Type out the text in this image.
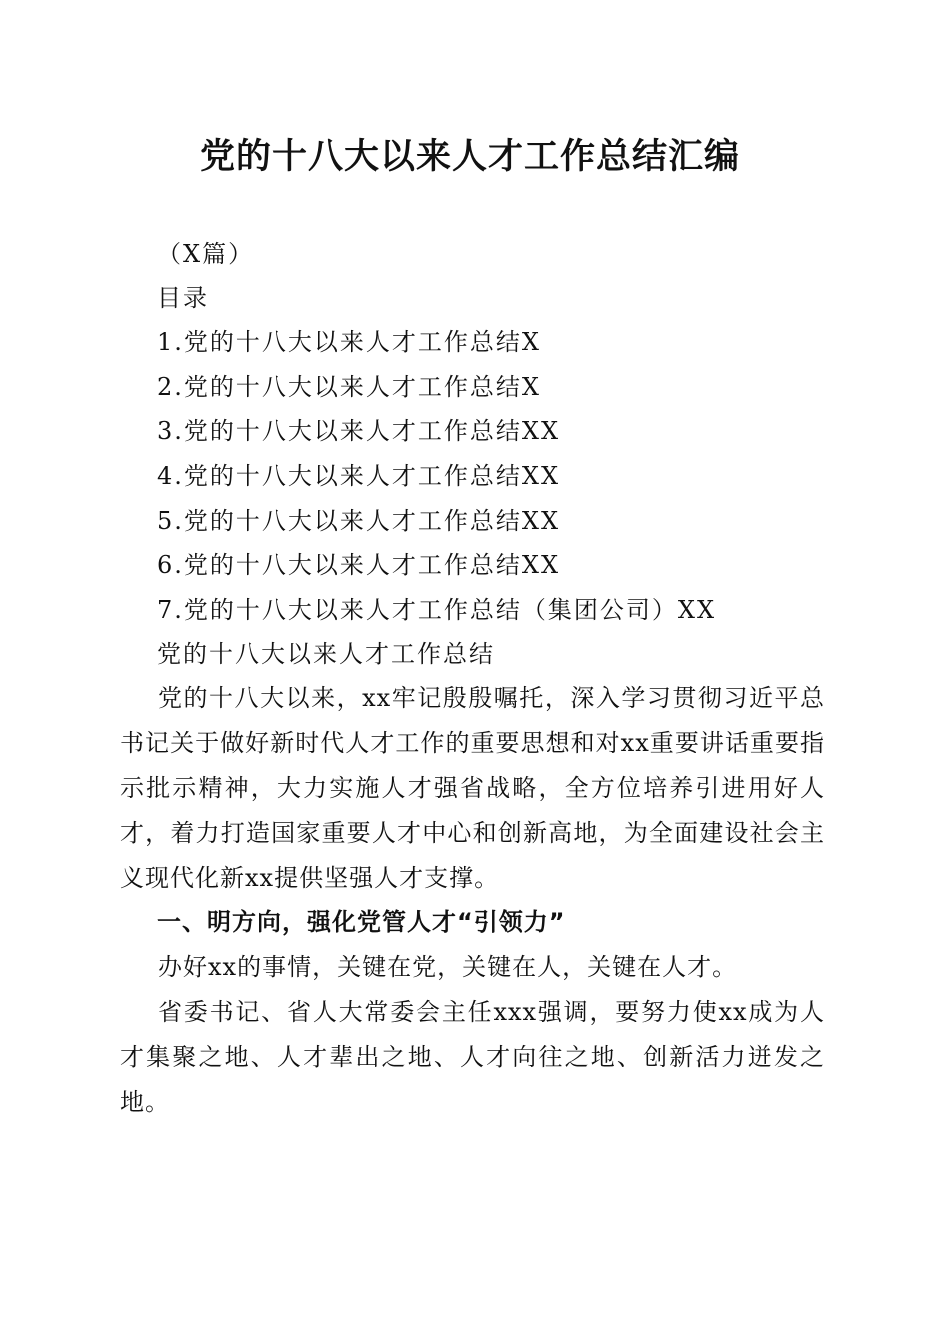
党的十八大以来人才工作总结汇编
（X篇）
目录
1.党的十八大以来人才工作总结X
2.党的十八大以来人才工作总结X
3.党的十八大以来人才工作总结XX
4.党的十八大以来人才工作总结XX
5.党的十八大以来人才工作总结XX
6.党的十八大以来人才工作总结XX
7.党的十八大以来人才工作总结（集团公司）XX
党的十八大以来人才工作总结

党的十八大以来，xx牢记殷殷嘱托，深入学习贯彻习近平总书记关于做好新时代人才工作的重要思想和对xx重要讲话重要指示批示精神，大力实施人才强省战略，全方位培养引进用好人才，着力打造国家重要人才中心和创新高地，为全面建设社会主义现代化新xx提供坚强人才支撑。

一、明方向，强化党管人才“引领力”

办好xx的事情，关键在党，关键在人，关键在人才。

省委书记、省人大常委会主任xxx强调，要努力使xx成为人才集聚之地、人才辈出之地、人才向往之地、创新活力迸发之地。
